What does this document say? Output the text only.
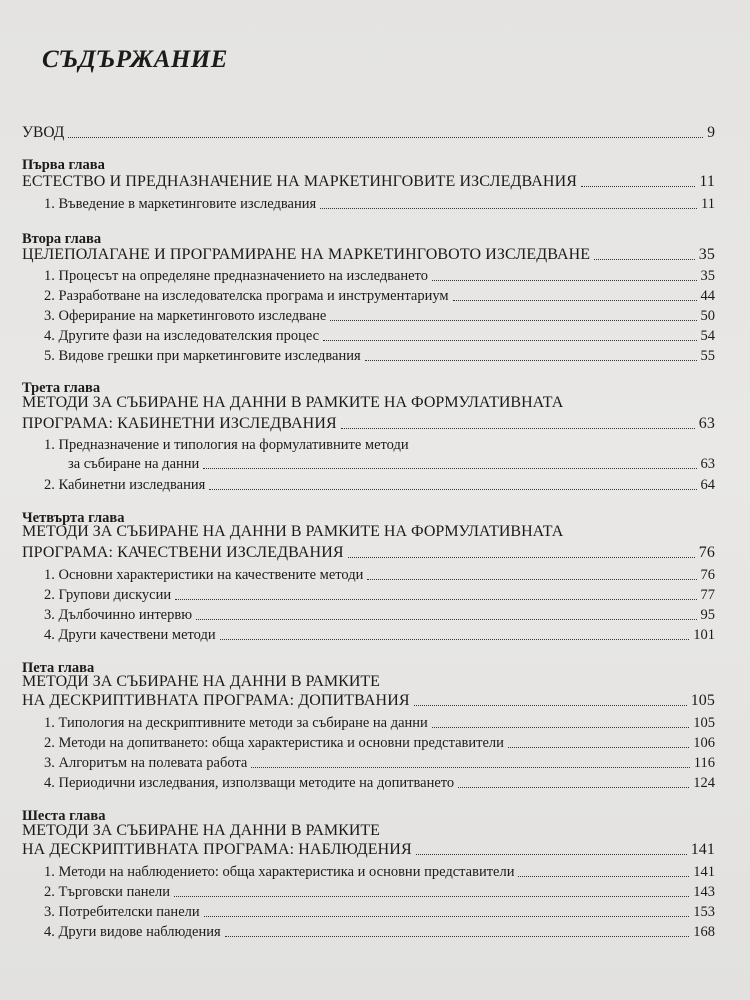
СЪДЪРЖАНИЕ
УВОД	9
Първа глава
ЕСТЕСТВО И ПРЕДНАЗНАЧЕНИЕ НА МАРКЕТИНГОВИТЕ ИЗСЛЕДВАНИЯ	11
1. Въведение в маркетинговите изследвания	11
Втора глава
ЦЕЛЕПОЛАГАНЕ И ПРОГРАМИРАНЕ НА МАРКЕТИНГОВОТО ИЗСЛЕДВАНЕ	35
1. Процесът на определяне предназначението на изследването	35
2. Разработване на изследователска програма и инструментариум	44
3. Оферирание на маркетинговото изследване	50
4. Другите фази на изследователския процес	54
5. Видове грешки при маркетинговите изследвания	55
Трета глава
МЕТОДИ ЗА СЪБИРАНЕ НА ДАННИ В РАМКИТЕ НА ФОРМУЛАТИВНАТА
ПРОГРАМА: КАБИНЕТНИ ИЗСЛЕДВАНИЯ	63
1. Предназначение и типология на формулативните методи
за събиране на данни	63
2. Кабинетни изследвания	64
Четвърта глава
МЕТОДИ ЗА СЪБИРАНЕ НА ДАННИ В РАМКИТЕ НА ФОРМУЛАТИВНАТА
ПРОГРАМА: КАЧЕСТВЕНИ ИЗСЛЕДВАНИЯ	76
1. Основни характеристики на качествените методи	76
2. Групови дискусии	77
3. Дълбочинно интервю	95
4. Други качествени методи	101
Пета глава
МЕТОДИ ЗА СЪБИРАНЕ НА ДАННИ В РАМКИТЕ
НА ДЕСКРИПТИВНАТА ПРОГРАМА: ДОПИТВАНИЯ	105
1. Типология на дескриптивните методи за събиране на данни	105
2. Методи на допитването: обща характеристика и основни представители	106
3. Алгоритъм на полевата работа	116
4. Периодични изследвания, използващи методите на допитването	124
Шеста глава
МЕТОДИ ЗА СЪБИРАНЕ НА ДАННИ В РАМКИТЕ
НА ДЕСКРИПТИВНАТА ПРОГРАМА: НАБЛЮДЕНИЯ	141
1. Методи на наблюдението: обща характеристика и основни представители	141
2. Търговски панели	143
3. Потребителски панели	153
4. Други видове наблюдения	168
